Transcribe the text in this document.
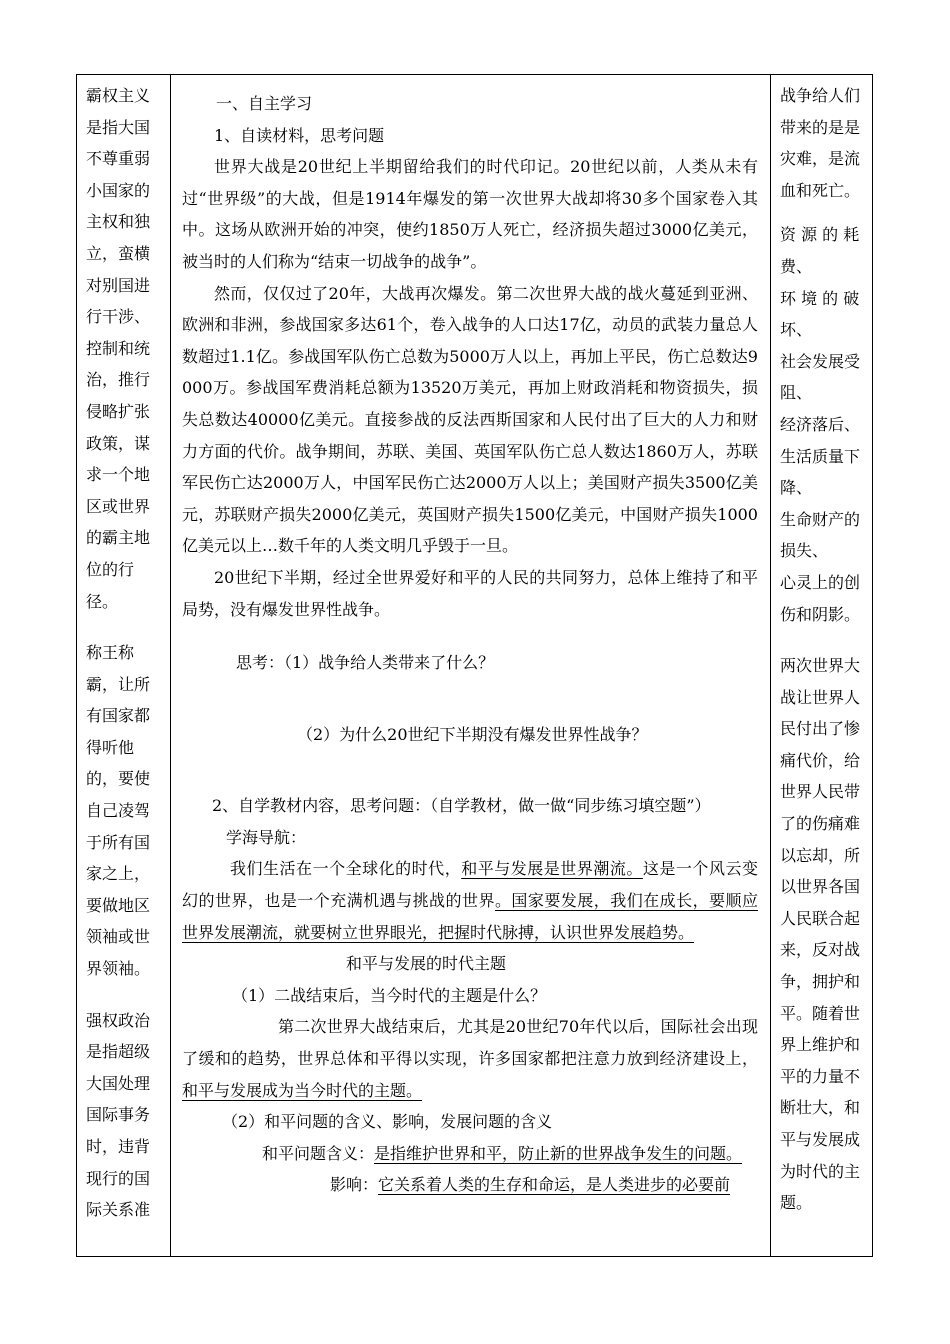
霸权主义是指大国不尊重弱小国家的主权和独立，蛮横对别国进行干涉、控制和统治，推行侵略扩张政策，谋求一个地区或世界的霸主地位的行径。

称王称霸，让所有国家都得听他的，要使自己凌驾于所有国家之上，要做地区领袖或世界领袖。

强权政治是指超级大国处理国际事务时，违背现行的国际关系准

一、自主学习

1、自读材料，思考问题

世界大战是20世纪上半期留给我们的时代印记。20世纪以前，人类从未有过“世界级”的大战，但是1914年爆发的第一次世界大战却将30多个国家卷入其中。这场从欧洲开始的冲突，使约1850万人死亡，经济损失超过3000亿美元，被当时的人们称为“结束一切战争的战争”。

然而，仅仅过了20年，大战再次爆发。第二次世界大战的战火蔓延到亚洲、欧洲和非洲，参战国家多达61个，卷入战争的人口达17亿，动员的武装力量总人数超过1.1亿。参战国军队伤亡总数为5000万人以上，再加上平民，伤亡总数达9000万。参战国军费消耗总额为13520万美元，再加上财政消耗和物资损失，损失总数达40000亿美元。直接参战的反法西斯国家和人民付出了巨大的人力和财力方面的代价。战争期间，苏联、美国、英国军队伤亡总人数达1860万人，苏联军民伤亡达2000万人，中国军民伤亡达2000万人以上；美国财产损失3500亿美元，苏联财产损失2000亿美元，英国财产损失1500亿美元，中国财产损失1000亿美元以上…数千年的人类文明几乎毁于一旦。

20世纪下半期，经过全世界爱好和平的人民的共同努力，总体上维持了和平局势，没有爆发世界性战争。

思考：（1）战争给人类带来了什么？

（2）为什么20世纪下半期没有爆发世界性战争？

2、自学教材内容，思考问题：（自学教材，做一做“同步练习填空题”）

学海导航：

我们生活在一个全球化的时代，和平与发展是世界潮流。这是一个风云变幻的世界，也是一个充满机遇与挑战的世界。国家要发展，我们在成长，要顺应世界发展潮流，就要树立世界眼光，把握时代脉搏，认识世界发展趋势。

和平与发展的时代主题

（1）二战结束后，当今时代的主题是什么？

第二次世界大战结束后，尤其是20世纪70年代以后，国际社会出现了缓和的趋势，世界总体和平得以实现，许多国家都把注意力放到经济建设上，和平与发展成为当今时代的主题。

（2）和平问题的含义、影响，发展问题的含义

和平问题含义：是指维护世界和平，防止新的世界战争发生的问题。

影响：它关系着人类的生存和命运，是人类进步的必要前

战争给人们带来的是是灾难，是流血和死亡。

资 源 的 耗费、

环 境 的 破坏、

社会发展受阻、

经济落后、

生活质量下降、

生命财产的损失、

心灵上的创伤和阴影。

两次世界大战让世界人民付出了惨痛代价，给世界人民带了的伤痛难以忘却，所以世界各国人民联合起来，反对战争，拥护和平。随着世界上维护和平的力量不断壮大，和平与发展成为时代的主题。
